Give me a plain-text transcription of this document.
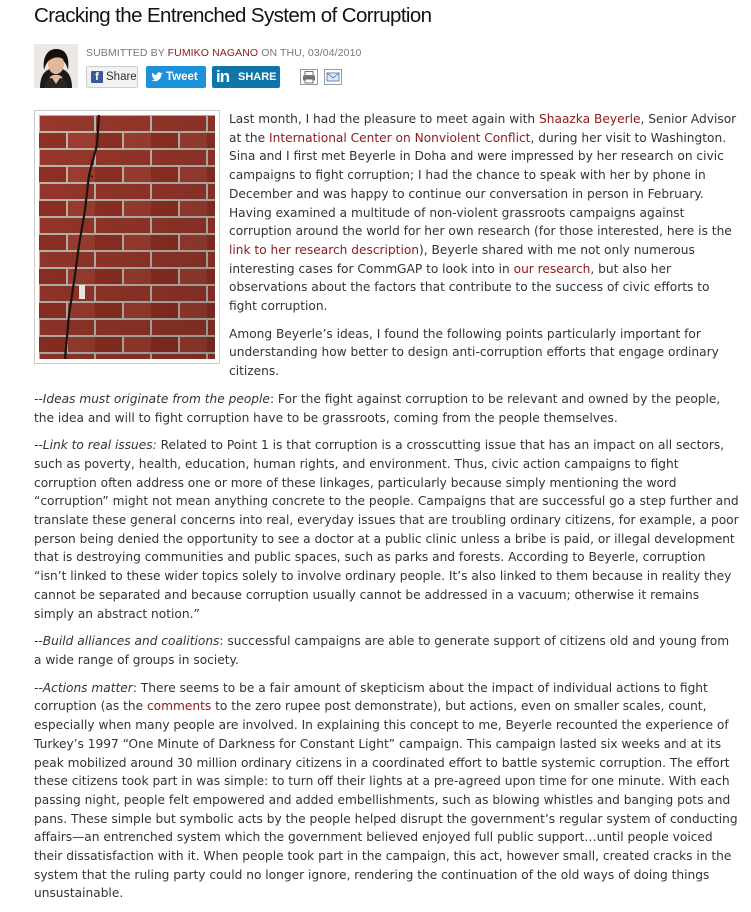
Cracking the Entrenched System of Corruption
SUBMITTED BY FUMIKO NAGANO ON THU, 03/04/2010
f Share	Tweet in SHARE

Last month, I had the pleasure to meet again with Shaazka Beyerle, Senior Advisor at the International Center on Nonviolent Conflict, during her visit to Washington. Sina and I first met Beyerle in Doha and were impressed by her research on civic campaigns to fight corruption; I had the chance to speak with her by phone in December and was happy to continue our conversation in person in February. Having examined a multitude of non-violent grassroots campaigns against corruption around the world for her own research (for those interested, here is the link to her research description), Beyerle shared with me not only numerous interesting cases for CommGAP to look into in our research, but also her observations about the factors that contribute to the success of civic efforts to fight corruption.

Among Beyerle’s ideas, I found the following points particularly important for understanding how better to design anti-corruption efforts that engage ordinary citizens.

--Ideas must originate from the people: For the fight against corruption to be relevant and owned by the people, the idea and will to fight corruption have to be grassroots, coming from the people themselves.

--Link to real issues: Related to Point 1 is that corruption is a crosscutting issue that has an impact on all sectors, such as poverty, health, education, human rights, and environment. Thus, civic action campaigns to fight corruption often address one or more of these linkages, particularly because simply mentioning the word “corruption” might not mean anything concrete to the people. Campaigns that are successful go a step further and translate these general concerns into real, everyday issues that are troubling ordinary citizens, for example, a poor person being denied the opportunity to see a doctor at a public clinic unless a bribe is paid, or illegal development that is destroying communities and public spaces, such as parks and forests. According to Beyerle, corruption “isn’t linked to these wider topics solely to involve ordinary people. It’s also linked to them because in reality they cannot be separated and because corruption usually cannot be addressed in a vacuum; otherwise it remains simply an abstract notion.”

--Build alliances and coalitions: successful campaigns are able to generate support of citizens old and young from a wide range of groups in society.

--Actions matter: There seems to be a fair amount of skepticism about the impact of individual actions to fight corruption (as the comments to the zero rupee post demonstrate), but actions, even on smaller scales, count, especially when many people are involved. In explaining this concept to me, Beyerle recounted the experience of Turkey’s 1997 “One Minute of Darkness for Constant Light” campaign. This campaign lasted six weeks and at its peak mobilized around 30 million ordinary citizens in a coordinated effort to battle systemic corruption. The effort these citizens took part in was simple: to turn off their lights at a pre-agreed upon time for one minute. With each passing night, people felt empowered and added embellishments, such as blowing whistles and banging pots and pans. These simple but symbolic acts by the people helped disrupt the government’s regular system of conducting affairs—an entrenched system which the government believed enjoyed full public support…until people voiced their dissatisfaction with it. When people took part in the campaign, this act, however small, created cracks in the system that the ruling party could no longer ignore, rendering the continuation of the old ways of doing things unsustainable.
